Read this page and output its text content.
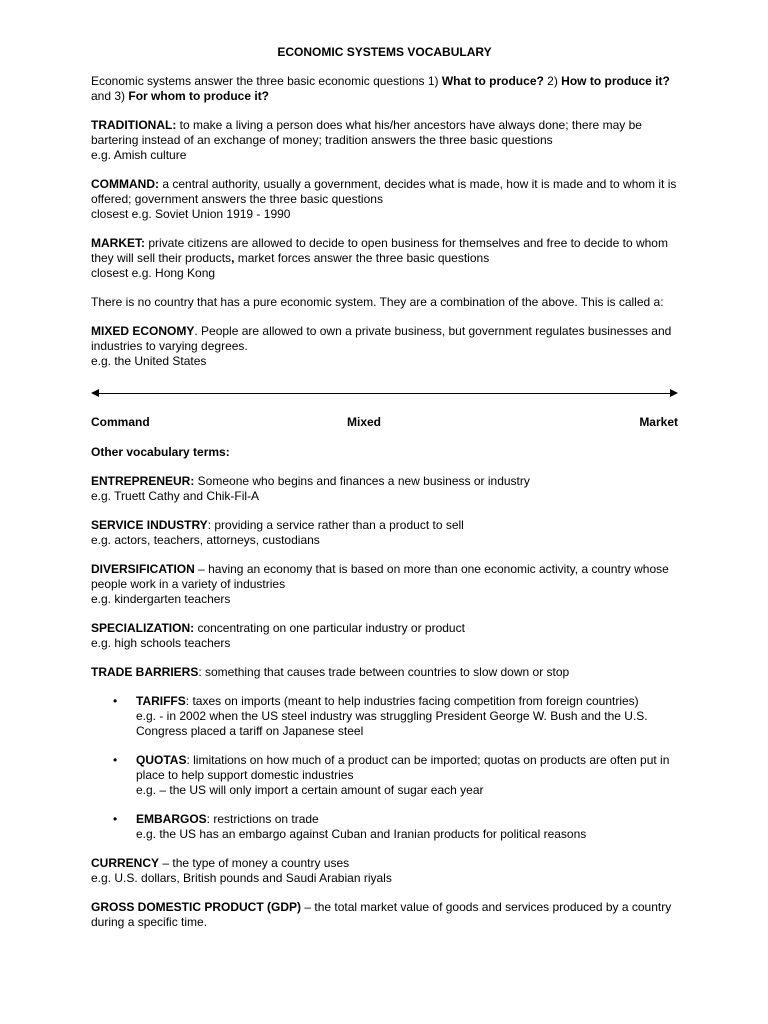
ECONOMIC SYSTEMS VOCABULARY

Economic systems answer the three basic economic questions 1) What to produce? 2) How to produce it? and 3) For whom to produce it?

TRADITIONAL: to make a living a person does what his/her ancestors have always done; there may be bartering instead of an exchange of money; tradition answers the three basic questions
e.g. Amish culture

COMMAND: a central authority, usually a government, decides what is made, how it is made and to whom it is offered; government answers the three basic questions
closest e.g. Soviet Union 1919 - 1990

MARKET: private citizens are allowed to decide to open business for themselves and free to decide to whom they will sell their products, market forces answer the three basic questions
closest e.g. Hong Kong

There is no country that has a pure economic system. They are a combination of the above. This is called a:

MIXED ECONOMY. People are allowed to own a private business, but government regulates businesses and industries to varying degrees.
e.g. the United States

Command	Mixed	Market

Other vocabulary terms:

ENTREPRENEUR: Someone who begins and finances a new business or industry
e.g. Truett Cathy and Chik-Fil-A

SERVICE INDUSTRY: providing a service rather than a product to sell
e.g. actors, teachers, attorneys, custodians

DIVERSIFICATION – having an economy that is based on more than one economic activity, a country whose people work in a variety of industries
e.g. kindergarten teachers

SPECIALIZATION: concentrating on one particular industry or product
e.g. high schools teachers

TRADE BARRIERS: something that causes trade between countries to slow down or stop

• TARIFFS: taxes on imports (meant to help industries facing competition from foreign countries)
e.g. - in 2002 when the US steel industry was struggling President George W. Bush and the U.S. Congress placed a tariff on Japanese steel
• QUOTAS: limitations on how much of a product can be imported; quotas on products are often put in place to help support domestic industries
e.g. – the US will only import a certain amount of sugar each year
• EMBARGOS: restrictions on trade
e.g. the US has an embargo against Cuban and Iranian products for political reasons

CURRENCY – the type of money a country uses
e.g. U.S. dollars, British pounds and Saudi Arabian riyals

GROSS DOMESTIC PRODUCT (GDP) – the total market value of goods and services produced by a country during a specific time.
